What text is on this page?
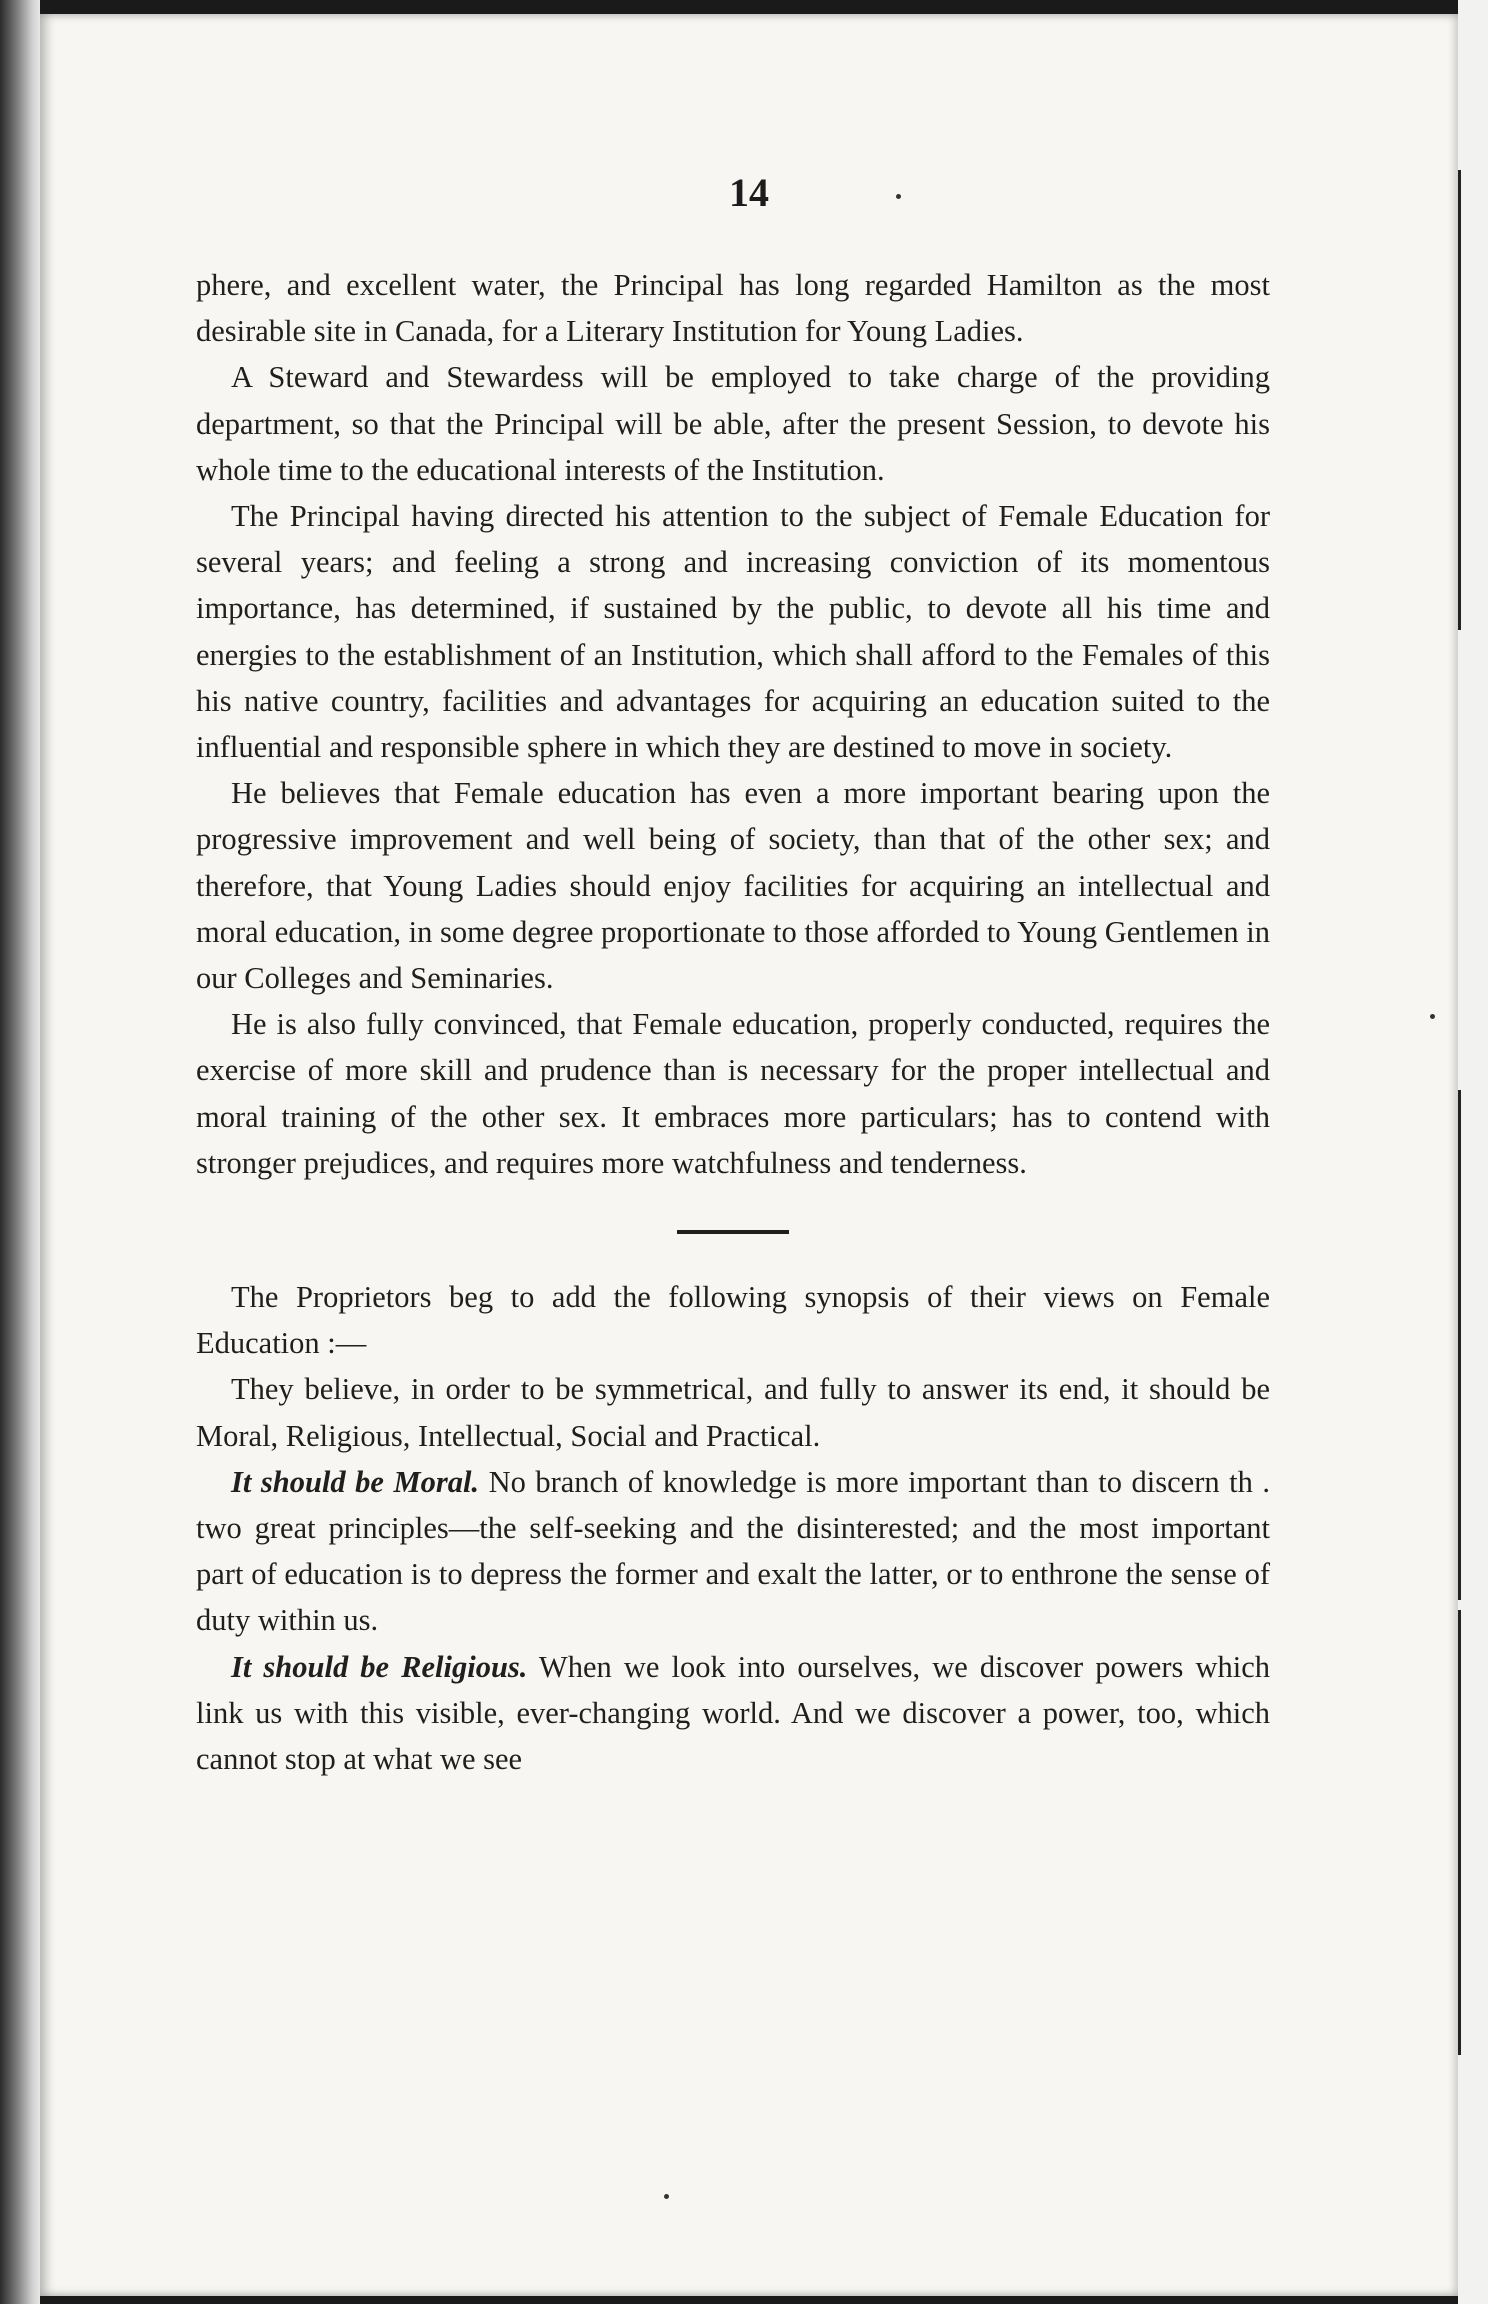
14

phere, and excellent water, the Principal has long regarded Hamilton as the most desirable site in Canada, for a Literary Institution for Young Ladies.

A Steward and Stewardess will be employed to take charge of the providing department, so that the Principal will be able, after the present Session, to devote his whole time to the educational interests of the Institution.

The Principal having directed his attention to the subject of Female Education for several years; and feeling a strong and increasing conviction of its momentous importance, has determined, if sustained by the public, to devote all his time and energies to the establishment of an Institution, which shall afford to the Females of this his native country, facilities and advantages for acquiring an education suited to the influential and responsible sphere in which they are destined to move in society.

He believes that Female education has even a more important bearing upon the progressive improvement and well being of society, than that of the other sex; and therefore, that Young Ladies should enjoy facilities for acquiring an intellectual and moral education, in some degree proportionate to those afforded to Young Gentlemen in our Colleges and Seminaries.

He is also fully convinced, that Female education, properly conducted, requires the exercise of more skill and prudence than is necessary for the proper intellectual and moral training of the other sex. It embraces more particulars; has to contend with stronger prejudices, and requires more watchfulness and tenderness.

The Proprietors beg to add the following synopsis of their views on Female Education :—

They believe, in order to be symmetrical, and fully to answer its end, it should be Moral, Religious, Intellectual, Social and Practical.

It should be Moral. No branch of knowledge is more important than to discern th . two great principles—the self-seeking and the disinterested; and the most important part of education is to depress the former and exalt the latter, or to enthrone the sense of duty within us.

It should be Religious. When we look into ourselves, we discover powers which link us with this visible, ever-changing world. And we discover a power, too, which cannot stop at what we see
